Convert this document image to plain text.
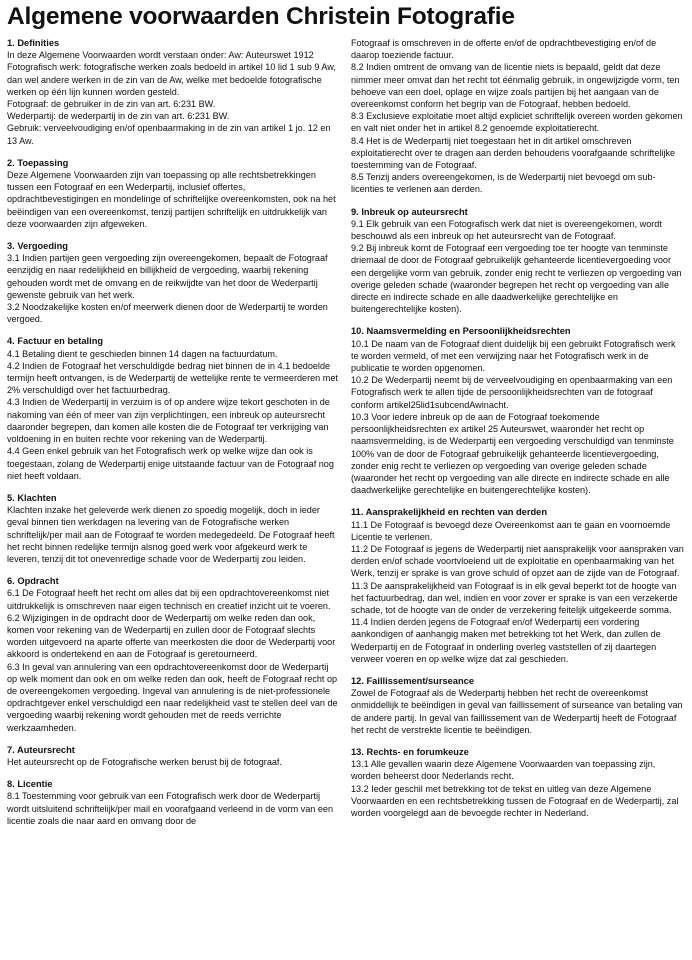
Algemene voorwaarden Christein Fotografie
1. Definities

In deze Algemene Voorwaarden wordt verstaan onder: Aw: Auteurswet 1912 Fotografisch werk: fotografische werken zoals bedoeld in artikel 10 lid 1 sub 9 Aw, dan wel andere werken in de zin van de Aw, welke met bedoelde fotografische werken op één lijn kunnen worden gesteld.

Fotograaf: de gebruiker in de zin van art. 6:231 BW.

Wederpartij: de wederpartij in de zin van art. 6:231 BW.

Gebruik: verveelvoudiging en/of openbaarmaking in de zin van artikel 1 jo. 12 en 13 Aw.

2. Toepassing

Deze Algemene Voorwaarden zijn van toepassing op alle rechtsbetrekkingen tussen een Fotograaf en een Wederpartij, inclusief offertes, opdrachtbevestigingen en mondelinge of schriftelijke overeenkomsten, ook na het beëindigen van een overeenkomst, tenzij partijen schriftelijk en uitdrukkelijk van deze voorwaarden zijn afgeweken.

3. Vergoeding

3.1 Indien partijen geen vergoeding zijn overeengekomen, bepaalt de Fotograaf eenzijdig en naar redelijkheid en billijkheid de vergoeding, waarbij rekening gehouden wordt met de omvang en de reikwijdte van het door de Wederpartij gewenste gebruik van het werk.

3.2 Noodzakelijke kosten en/of meerwerk dienen door de Wederpartij te worden vergoed.

4. Factuur en betaling

4.1 Betaling dient te geschieden binnen 14 dagen na factuurdatum.

4.2 Indien de Fotograaf het verschuldigde bedrag niet binnen de in 4.1 bedoelde

termijn heeft ontvangen, is de Wederpartij de wettelijke rente te vermeerderen met 2% verschuldigd over het factuurbedrag.

4.3 Indien de Wederpartij in verzuim is of op andere wijze tekort geschoten in de nakoming van één of meer van zijn verplichtingen, een inbreuk op auteursrecht daaronder begrepen, dan komen alle kosten die de Fotograaf ter verkrijging van voldoening in en buiten rechte voor rekening van de Wederpartij.

4.4 Geen enkel gebruik van het Fotografisch werk op welke wijze dan ook is toegestaan, zolang de Wederpartij enige uitstaande factuur van de Fotograaf nog niet heeft voldaan.

5. Klachten

Klachten inzake het geleverde werk dienen zo spoedig mogelijk, doch in ieder geval binnen tien werkdagen na levering van de Fotografische werken schriftelijk/per mail aan de Fotograaf te worden medegedeeld. De Fotograaf heeft het recht binnen redelijke termijn alsnog goed werk voor afgekeurd werk te leveren, tenzij dit tot onevenredige schade voor de Wederpartij zou leiden.

6. Opdracht

6.1 De Fotograaf heeft het recht om alles dat bij een opdrachtovereenkomst niet uitdrukkelijk is omschreven naar eigen technisch en creatief inzicht uit te voeren.

6.2 Wijzigingen in de opdracht door de Wederpartij om welke reden dan ook, komen voor rekening van de Wederpartij en zullen door de Fotograaf slechts worden uitgevoerd na aparte offerte van meerkosten die door de Wederpartij voor akkoord is ondertekend en aan de Fotograaf is geretourneerd.

6.3 In geval van annulering van een opdrachtovereenkomst door de Wederpartij op welk moment dan ook en om welke reden dan ook, heeft de Fotograaf recht op de overeengekomen vergoeding. Ingeval van annulering is de niet-professionele opdrachtgever enkel verschuldigd een naar redelijkheid vast te stellen deel van de vergoeding waarbij rekening wordt gehouden met de reeds verrichte werkzaamheden.

7. Auteursrecht

Het auteursrecht op de Fotografische werken berust bij de fotograaf.

8. Licentie

8.1 Toestemming voor gebruik van een Fotografisch werk door de Wederpartij wordt uitsluitend schriftelijk/per mail en voorafgaand verleend in de vorm van een licentie zoals die naar aard en omvang door de

Fotograaf is omschreven in de offerte en/of de opdrachtbevestiging en/of de daarop toeziende factuur.

8.2 Indien omtrent de omvang van de licentie niets is bepaald, geldt dat deze nimmer meer omvat dan het recht tot éénmalig gebruik, in ongewijzigde vorm, ten

behoeve van een doel, oplage en wijze zoals partijen bij het aangaan van de overeenkomst conform het begrip van de Fotograaf, hebben bedoeld.

8.3 Exclusieve exploitatie moet altijd expliciet schriftelijk overeen worden gekomen en valt niet onder het in artikel 8.2 genoemde exploitatierecht.

8.4 Het is de Wederpartij niet toegestaan het in dit artikel omschreven exploitatierecht over te dragen aan derden behoudens voorafgaande schriftelijke toestemming van de Fotograaf.

8.5 Tenzij anders overeengekomen, is de Wederpartij niet bevoegd om sub-licenties te verlenen aan derden.

9. Inbreuk op auteursrecht

9.1 Elk gebruik van een Fotografisch werk dat niet is overeengekomen, wordt beschouwd als een inbreuk op het auteursrecht van de Fotograaf.

9.2 Bij inbreuk komt de Fotograaf een vergoeding toe ter hoogte van tenminste driemaal de door de Fotograaf gebruikelijk gehanteerde licentievergoeding voor een dergelijke vorm van gebruik, zonder enig recht te verliezen op vergoeding van overige geleden schade (waaronder begrepen het recht op vergoeding van alle directe en indirecte schade en alle daadwerkelijke gerechtelijke en buitengerechtelijke kosten).

10. Naamsvermelding en Persoonlijkheidsrechten

10.1 De naam van de Fotograaf dient duidelijk bij een gebruikt Fotografisch werk te worden vermeld, of met een verwijzing naar het Fotografisch werk in de publicatie te worden opgenomen.

10.2 De Wederpartij neemt bij de verveelvoudiging en openbaarmaking van een Fotografisch werk te allen tijde de persoonlijkheidsrechten van de fotograaf conform artikel25lid1subcendAwinacht.

10.3 Voor iedere inbreuk op de aan de Fotograaf toekomende persoonlijkheidsrechten ex artikel 25 Auteurswet, waaronder het recht op naamsvermelding, is de Wederpartij een vergoeding verschuldigd van tenminste 100% van de door de Fotograaf gebruikelijk gehanteerde licentievergoeding, zonder enig recht te verliezen op vergoeding van overige geleden schade (waaronder het recht op vergoeding van alle directe en indirecte schade en alle daadwerkelijke gerechtelijke en buitengerechtelijke kosten).

11. Aansprakelijkheid en rechten van derden

11.1 De Fotograaf is bevoegd deze Overeenkomst aan te gaan en voornoemde Licentie te verlenen.

11.2 De Fotograaf is jegens de Wederpartij niet aansprakelijk voor aanspraken van derden en/of schade voortvloeiend uit de exploitatie en openbaarmaking van het Werk, tenzij er sprake is van grove schuld of opzet aan de zijde van de Fotograaf.

11.3 De aansprakelijkheid van Fotograaf is in elk geval beperkt tot de hoogte van het factuurbedrag, dan wel, indien en voor zover er sprake is van een verzekerde schade, tot de hoogte van de onder de verzekering feitelijk uitgekeerde somma.

11.4 Indien derden jegens de Fotograaf en/of Wederpartij een vordering aankondigen of aanhangig maken met betrekking tot het Werk, dan zullen de Wederpartij en de Fotograaf in onderling overleg vaststellen of zij daartegen verweer voeren en op welke wijze dat zal geschieden.

12. Faillissement/surseance

Zowel de Fotograaf als de Wederpartij hebben het recht de overeenkomst onmiddellijk te beëindigen in geval van faillissement of surseance van betaling van de andere partij. In geval van faillissement van de Wederpartij heeft de Fotograaf het recht de verstrekte licentie te beëindigen.

13. Rechts- en forumkeuze

13.1 Alle gevallen waarin deze Algemene Voorwaarden van toepassing zijn, worden beheerst door Nederlands recht.

13.2 Ieder geschil met betrekking tot de tekst en uitleg van deze Algemene Voorwaarden en een rechtsbetrekking tussen de Fotograaf en de Wederpartij, zal worden voorgelegd aan de bevoegde rechter in Nederland.
